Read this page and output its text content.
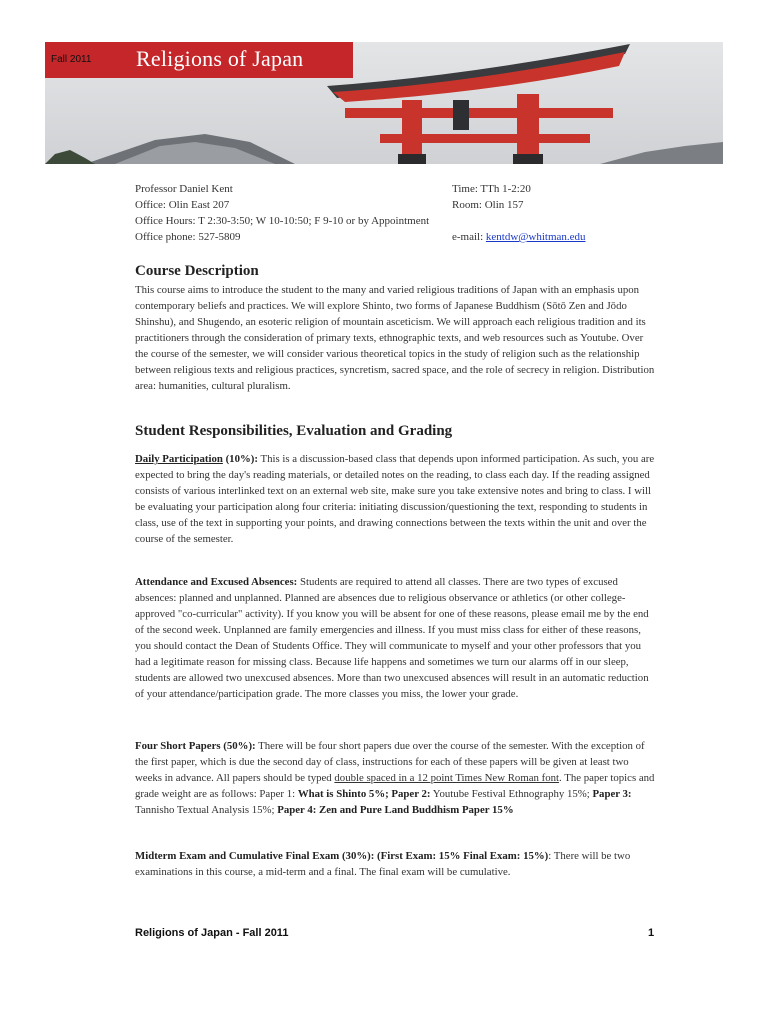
Fall 2011 Religions of Japan
Professor Daniel Kent
Office: Olin East 207
Office Hours: T 2:30-3:50; W 10-10:50; F 9-10 or by Appointment
Office phone: 527-5809
Time: TTh 1-2:20
Room: Olin 157

e-mail: kentdw@whitman.edu
Course Description
This course aims to introduce the student to the many and varied religious traditions of Japan with an emphasis upon contemporary beliefs and practices. We will explore Shinto, two forms of Japanese Buddhism (Sōtō Zen and Jōdo Shinshu), and Shugendo, an esoteric religion of mountain asceticism. We will approach each religious tradition and its practitioners through the consideration of primary texts, ethnographic texts, and web resources such as Youtube. Over the course of the semester, we will consider various theoretical topics in the study of religion such as the relationship between religious texts and religious practices, syncretism, sacred space, and the role of secrecy in religion. Distribution area: humanities, cultural pluralism.
Student Responsibilities, Evaluation and Grading
Daily Participation (10%): This is a discussion-based class that depends upon informed participation. As such, you are expected to bring the day's reading materials, or detailed notes on the reading, to class each day. If the reading assigned consists of various interlinked text on an external web site, make sure you take extensive notes and bring to class. I will be evaluating your participation along four criteria: initiating discussion/questioning the text, responding to students in class, use of the text in supporting your points, and drawing connections between the texts within the unit and over the course of the semester.
Attendance and Excused Absences: Students are required to attend all classes. There are two types of excused absences: planned and unplanned. Planned are absences due to religious observance or athletics (or other college-approved "co-curricular" activity). If you know you will be absent for one of these reasons, please email me by the end of the second week. Unplanned are family emergencies and illness. If you must miss class for either of these reasons, you should contact the Dean of Students Office. They will communicate to myself and your other professors that you had a legitimate reason for missing class. Because life happens and sometimes we turn our alarms off in our sleep, students are allowed two unexcused absences. More than two unexcused absences will result in an automatic reduction of your attendance/participation grade. The more classes you miss, the lower your grade.
Four Short Papers (50%): There will be four short papers due over the course of the semester. With the exception of the first paper, which is due the second day of class, instructions for each of these papers will be given at least two weeks in advance. All papers should be typed double spaced in a 12 point Times New Roman font. The paper topics and grade weight are as follows: Paper 1: What is Shinto 5%; Paper 2: Youtube Festival Ethnography 15%; Paper 3: Tannisho Textual Analysis 15%; Paper 4: Zen and Pure Land Buddhism Paper 15%
Midterm Exam and Cumulative Final Exam (30%): (First Exam: 15% Final Exam: 15%): There will be two examinations in this course, a mid-term and a final. The final exam will be cumulative.
Religions of Japan - Fall 2011	1
